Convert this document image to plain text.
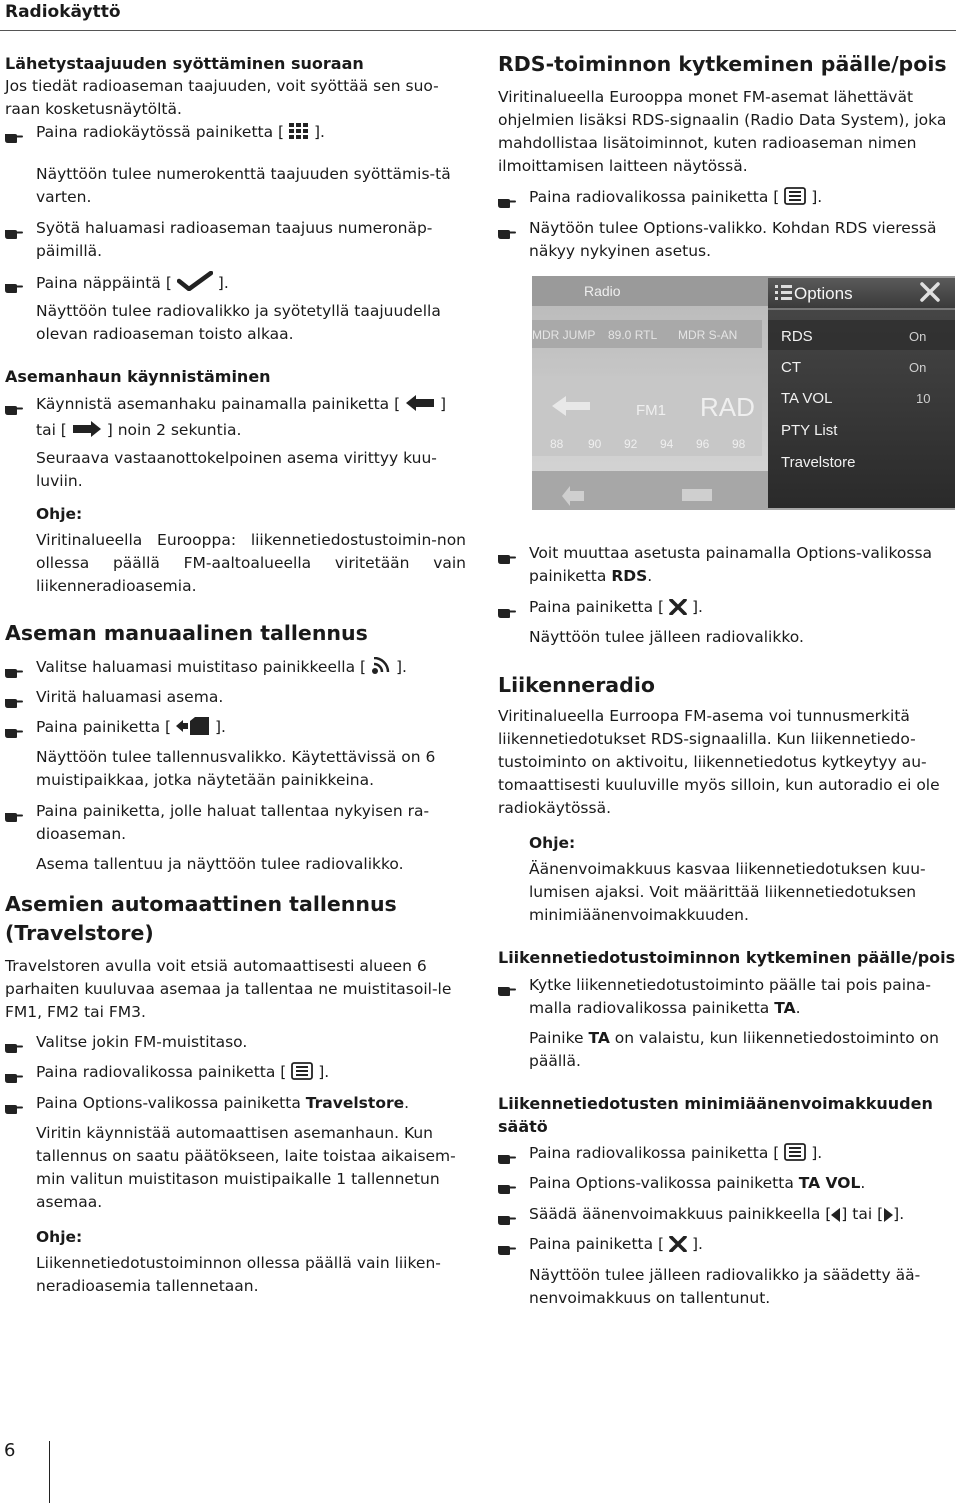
Radiokäyttö
Lähetystaajuuden syöttäminen suoraan
Jos tiedät radioaseman taajuuden, voit syöttää sen suo-raan kosketusnäytöltä.
Paina radiokäytössä painiketta [ ].
Näyttöön tulee numerokenttä taajuuden syöttämis-tä varten.
Syötä haluamasi radioaseman taajuus numeronäp-päimillä.
Paina näppäintä [	].
Näyttöön tulee radiovalikko ja syötetyllä taajuudella olevan radioaseman toisto alkaa.
Asemanhaun käynnistäminen
Käynnistä asemanhaku painamalla painiketta [	]
tai [	] noin 2 sekuntia.
Seuraava vastaanottokelpoinen asema virittyy kuu-luviin.
Ohje:
Viritinalueella Eurooppa: liikennetiedostustoimin-non ollessa päällä FM-aaltoalueella viritetään vain liikenneradioasemia.
Aseman manuaalinen tallennus
Valitse haluamasi muistitaso painikkeella [ ].
Viritä haluamasi asema.
Paina painiketta [	].
Näyttöön tulee tallennusvalikko. Käytettävissä on 6 muistipaikkaa, jotka näytetään painikkeina.
Paina painiketta, jolle haluat tallentaa nykyisen ra-dioaseman.
Asema tallentuu ja näyttöön tulee radiovalikko.
Asemien automaattinen tallennus
(Travelstore)
Travelstoren avulla voit etsiä automaattisesti alueen 6 parhaiten kuuluvaa asemaa ja tallentaa ne muistitasoil-le FM1, FM2 tai FM3.
Valitse jokin FM-muistitaso.
Paina radiovalikossa painiketta [ ].
Paina Options-valikossa painiketta Travelstore.
Viritin käynnistää automaattisen asemanhaun. Kun tallennus on saatu päätökseen, laite toistaa aikaisem-min valitun muistitason muistipaikalle 1 tallennetun asemaa.
Ohje:
Liikennetiedotustoiminnon ollessa päällä vain liiken-neradioasemia tallennetaan.
RDS-toiminnon kytkeminen päälle/pois
Viritinalueella Eurooppa monet FM-asemat lähettävät ohjelmien lisäksi RDS-signaalin (Radio Data System), joka mahdollistaa lisätoiminnot, kuten radioaseman nimen ilmoittamisen laitteen näytössä.
Paina radiovalikossa painiketta [ ].
Näytöön tulee Options-valikko. Kohdan RDS vieressä näkyy nykyinen asetus.
Voit muuttaa asetusta painamalla Options-valikossa painiketta RDS.
Paina painiketta [ ].
Näyttöön tulee jälleen radiovalikko.
Liikenneradio
Viritinalueella Eurroopa FM-asema voi tunnusmerkitä liikennetiedotukset RDS-signaalilla. Kun liikennetiedo-tustoiminto on aktivoitu, liikennetiedotus kytkeytyy au-tomaattisesti kuuluville myös silloin, kun autoradio ei ole radiokäytössä.
Ohje:
Äänenvoimakkuus kasvaa liikennetiedotuksen kuu-lumisen ajaksi. Voit määrittää liikennetiedotuksen minimiäänenvoimakkuuden.
Liikennetiedotustoiminnon kytkeminen päälle/pois
Kytke liikennetiedotustoiminto päälle tai pois paina-malla radiovalikossa painiketta TA.
Painike TA on valaistu, kun liikennetiedostoiminto on päällä.
Liikennetiedotusten minimiäänenvoimakkuuden säätö
Paina radiovalikossa painiketta [ ].
Paina Options-valikossa painiketta TA VOL.
Säädä äänenvoimakkuus painikkeella [ ] tai [ ].
Paina painiketta [ ].
Näyttöön tulee jälleen radiovalikko ja säädetty ää-nenvoimakkuus on tallentunut.
Radio
MDR JUMP 89.0 RTL MDR S-AN
FM1 RAD
88 90 92 94 96 98
Options
RDS	On
CT	On
TA VOL	10
PTY List
Travelstore
6
